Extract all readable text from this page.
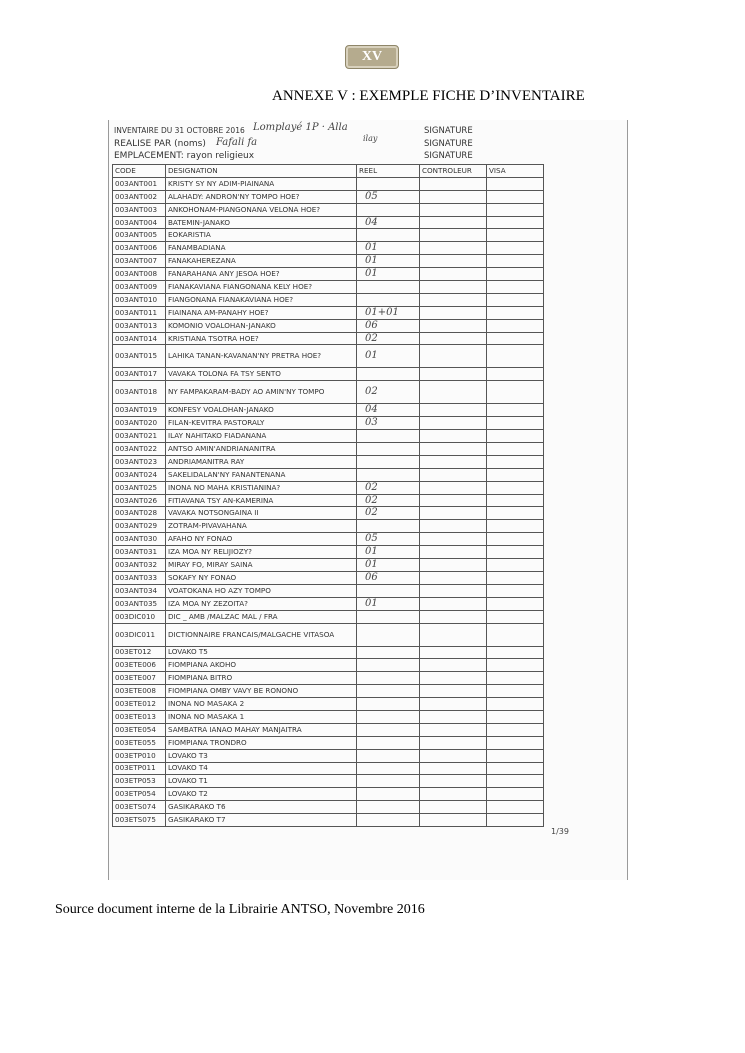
XV
ANNEXE V : EXEMPLE FICHE D’INVENTAIRE
INVENTAIRE DU 31 OCTOBRE 2016
REALISE PAR (noms)
EMPLACEMENT: rayon religieux
SIGNATURE
SIGNATURE
SIGNATURE
Lomplayé 1P · Alla
Fafali fa	ilay
CODE	DESIGNATION	REEL	CONTROLEUR	VISA
003ANT001	KRISTY SY NY ADIM-PIAINANA			
003ANT002	ALAHADY: ANDRON'NY TOMPO HOE?	05		
003ANT003	ANKOHONAM-PIANGONANA VELONA HOE?			
003ANT004	BATEMIN-JANAKO	04		
003ANT005	EOKARISTIA			
003ANT006	FANAMBADIANA	01		
003ANT007	FANAKAHEREZANA	01		
003ANT008	FANARAHANA ANY JESOA HOE?	01		
003ANT009	FIANAKAVIANA FIANGONANA KELY HOE?			
003ANT010	FIANGONANA FIANAKAVIANA HOE?			
003ANT011	FIAINANA AM-PANAHY HOE?	01+01		
003ANT013	KOMONIO VOALOHAN-JANAKO	06		
003ANT014	KRISTIANA TSOTRA HOE?	02		
003ANT015	LAHIKA TANAN-KAVANAN'NY PRETRA HOE?	01		
003ANT017	VAVAKA TOLONA FA TSY SENTO			
003ANT018	NY FAMPAKARAM-BADY AO AMIN'NY TOMPO	02		
003ANT019	KONFESY VOALOHAN-JANAKO	04		
003ANT020	FILAN-KEVITRA PASTORALY	03		
003ANT021	ILAY NAHITAKO FIADANANA			
003ANT022	ANTSO AMIN'ANDRIANANITRA			
003ANT023	ANDRIAMANITRA RAY			
003ANT024	SAKELIDALAN'NY FANANTENANA			
003ANT025	INONA NO MAHA KRISTIANINA?	02		
003ANT026	FITIAVANA TSY AN-KAMERINA	02		
003ANT028	VAVAKA NOTSONGAINA II	02		
003ANT029	ZOTRAM-PIVAVAHANA			
003ANT030	AFAHO NY FONAO	05		
003ANT031	IZA MOA NY RELIJIOZY?	01		
003ANT032	MIRAY FO, MIRAY SAINA	01		
003ANT033	SOKAFY NY FONAO	06		
003ANT034	VOATOKANA HO AZY TOMPO			
003ANT035	IZA MOA NY ZEZOITA?	01		
003DIC010	DIC _ AMB /MALZAC MAL / FRA			
003DIC011	DICTIONNAIRE FRANCAIS/MALGACHE VITASOA			
003ET012	LOVAKO T5			
003ETE006	FIOMPIANA AKOHO			
003ETE007	FIOMPIANA BITRO			
003ETE008	FIOMPIANA OMBY VAVY BE RONONO			
003ETE012	INONA NO MASAKA 2			
003ETE013	INONA NO MASAKA 1			
003ETE054	SAMBATRA IANAO MAHAY MANJAITRA			
003ETE055	FIOMPIANA TRONDRO			
003ETP010	LOVAKO T3			
003ETP011	LOVAKO T4			
003ETP053	LOVAKO T1			
003ETP054	LOVAKO T2			
003ETS074	GASIKARAKO T6			
003ETS075	GASIKARAKO T7			
1/39
Source document interne de la Librairie ANTSO, Novembre 2016
